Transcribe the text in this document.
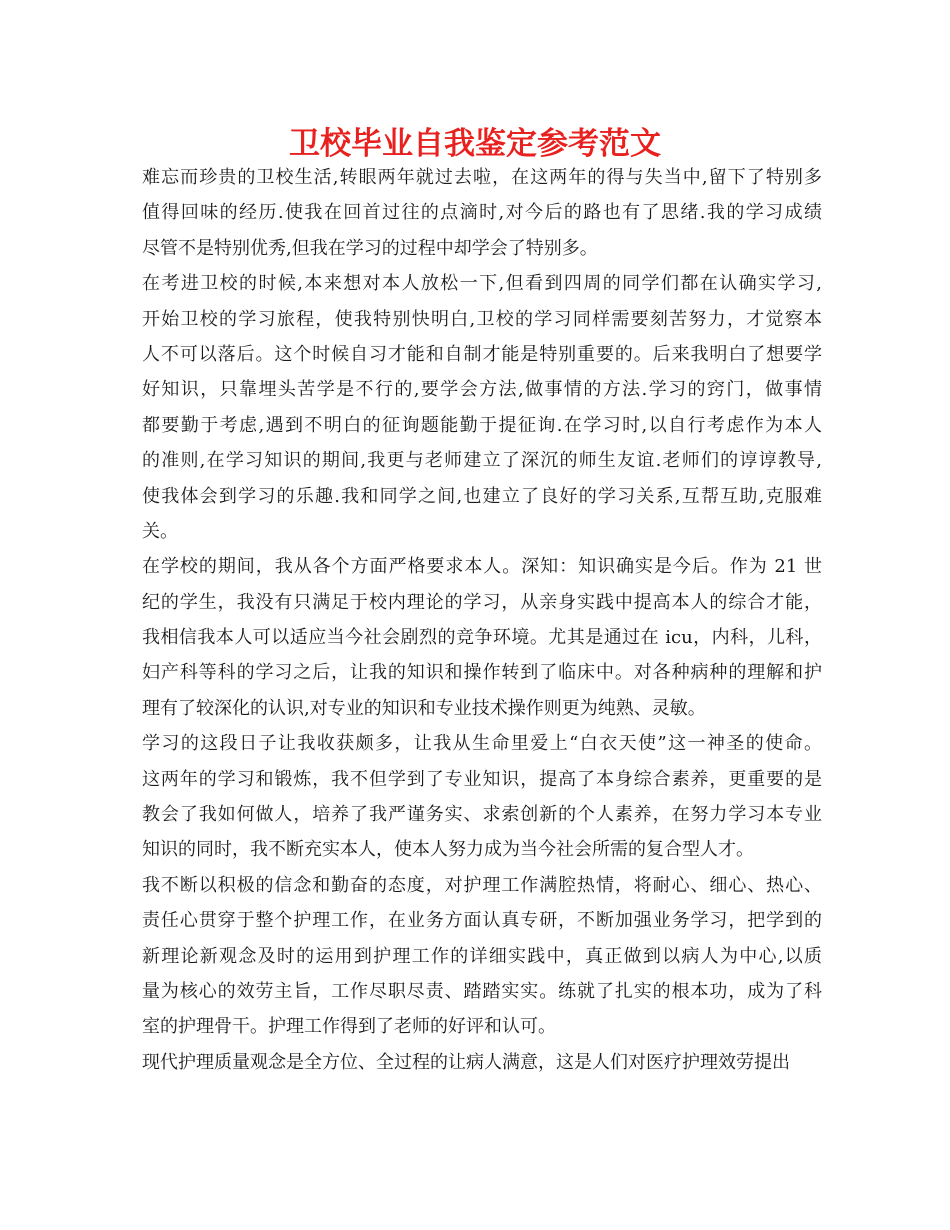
卫校毕业自我鉴定参考范文
难忘而珍贵的卫校生活,转眼两年就过去啦，在这两年的得与失当中,留下了特别多
值得回味的经历.使我在回首过往的点滴时,对今后的路也有了思绪.我的学习成绩
尽管不是特别优秀,但我在学习的过程中却学会了特别多。
在考进卫校的时候,本来想对本人放松一下,但看到四周的同学们都在认确实学习,
开始卫校的学习旅程，使我特别快明白,卫校的学习同样需要刻苦努力，才觉察本
人不可以落后。这个时候自习才能和自制才能是特别重要的。后来我明白了想要学
好知识，只靠埋头苦学是不行的,要学会方法,做事情的方法.学习的窍门，做事情
都要勤于考虑,遇到不明白的征询题能勤于提征询.在学习时,以自行考虑作为本人
的准则,在学习知识的期间,我更与老师建立了深沉的师生友谊.老师们的谆谆教导,
使我体会到学习的乐趣.我和同学之间,也建立了良好的学习关系,互帮互助,克服难
关。
在学校的期间，我从各个方面严格要求本人。深知：知识确实是今后。作为 21 世
纪的学生，我没有只满足于校内理论的学习，从亲身实践中提高本人的综合才能，
我相信我本人可以适应当今社会剧烈的竞争环境。尤其是通过在 icu，内科，儿科，
妇产科等科的学习之后，让我的知识和操作转到了临床中。对各种病种的理解和护
理有了较深化的认识,对专业的知识和专业技术操作则更为纯熟、灵敏。
学习的这段日子让我收获颇多，让我从生命里爱上“白衣天使”这一神圣的使命。
这两年的学习和锻炼，我不但学到了专业知识，提高了本身综合素养，更重要的是
教会了我如何做人，培养了我严谨务实、求索创新的个人素养，在努力学习本专业
知识的同时，我不断充实本人，使本人努力成为当今社会所需的复合型人才。
我不断以积极的信念和勤奋的态度，对护理工作满腔热情，将耐心、细心、热心、
责任心贯穿于整个护理工作，在业务方面认真专研，不断加强业务学习，把学到的
新理论新观念及时的运用到护理工作的详细实践中，真正做到以病人为中心,以质
量为核心的效劳主旨，工作尽职尽责、踏踏实实。练就了扎实的根本功，成为了科
室的护理骨干。护理工作得到了老师的好评和认可。
现代护理质量观念是全方位、全过程的让病人满意，这是人们对医疗护理效劳提出
